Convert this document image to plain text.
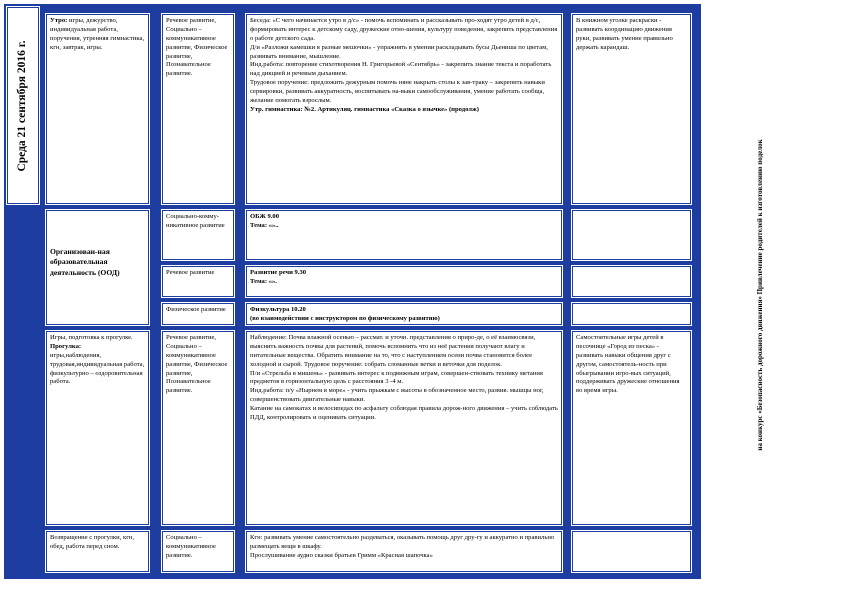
Среда 21 сентября 2016 г.

Утро: игры, дежурство, индивидуальная работа, поручения, утренняя гимнастика, кгн, завтрак, игры.

Речевое развитие, Социально – коммуникативное развитие, Физическое развитие, Познавательное развитие.

Беседа: «С чего начинается утро в д/с» - помочь вспоминать и рассказывать про-ходят утро детей в д/с, формировать интерес к детскому саду, дружеские отно-шения, культуру поведения, закрепить представления о работе детского сада.

Д/и «Разложи камешки в разные мешочки» - упражнять в умении раскладывать бусы Дьениша по цветам, развивать внимание, мышление.

Инд.работа: повторение стихотворения Н. Григорьевой «Сентябрь» - закрепить знание текста и поработать над дикцией и речевым дыханием.

Трудовое поручение: предложить дежурным помочь няне накрыть столы к зав-траку – закрепить навыки сервировки, развивать аккуратность, воспитывать на-выки самообслуживания, умение работать сообща, желание помогать взрослым.

Утр. гимнастика: №2. Артикуляц. гимнастика «Сказка о язычке» (продолж)

В книжном уголке раскраски - развивать координацию движения руки, развивать умение правильно держать карандаш.

Организован-ная образовательная деятельность (ООД)

Социально-комму-никативное развитие

ОБЖ 9.00

Тема: «»..

Речевое развитие	Развитие речи 9.30

Тема: «».

Физическое развитие	Физкультура 10.20

(во взаимодействии с инструктором по физическому развитию)

Игры, подготовка к прогулке.

Прогулка:

игры,наблюдения, трудовая,индивидуальная работа, физкультурно – оздоровительная работа.

Речевое развитие, Социально – коммуникативное развитие, Физическое развитие, Познавательное развитие.

Наблюдение: Почва влажной осенью – рассмат. и уточн. представления о приро-де, о её взаимосвязи, выяснить важность почвы для растений, помочь вспомнить что из неё растения получают влагу и питательные вещества. Обратить внимание на то, что с наступлением осени почва становится более холодной и сырой. Трудовое поручение: собрать сломанные ветки и веточки для поделок.

П/и «Стрельба в мишень» - развивать интерес к подвижным играм, совершен-ствовать технику метания предметов в горизонтальную цель с расстояния 3 -4 м.

Инд.работа: п/у «Нырнем в море» - учить прыжкам с высоты в обозначенное место, развив. мышцы ног, совершенствовать двигательные навыки.

Катание на самокатах и велосипедах по асфальту соблюдая правила дорож-ного движения – учить соблюдать ПДД, контролировать и оценивать ситуации.

Самостоятельные игры детей в песочнице «Город из песка» - развивать навыки общения друг с другом, самостоятель-ность при обыгрывании игро-вых ситуаций, поддерживать дружеские отношения во время игры.

Возвращение с прогулки, кгн, обед, работа перед сном.

Социально – коммуникативное развитие.

Кгн: развивать умение самостоятельно раздеваться, оказывать помощь друг дру-гу и аккуратно и правильно размещать вещи в шкафу.

Прослушивание аудио сказки братьев Гримм «Красная шапочка»

на конкурс «Безопасность дорожного движения» Привлечение родителей к изготовлению поделок
